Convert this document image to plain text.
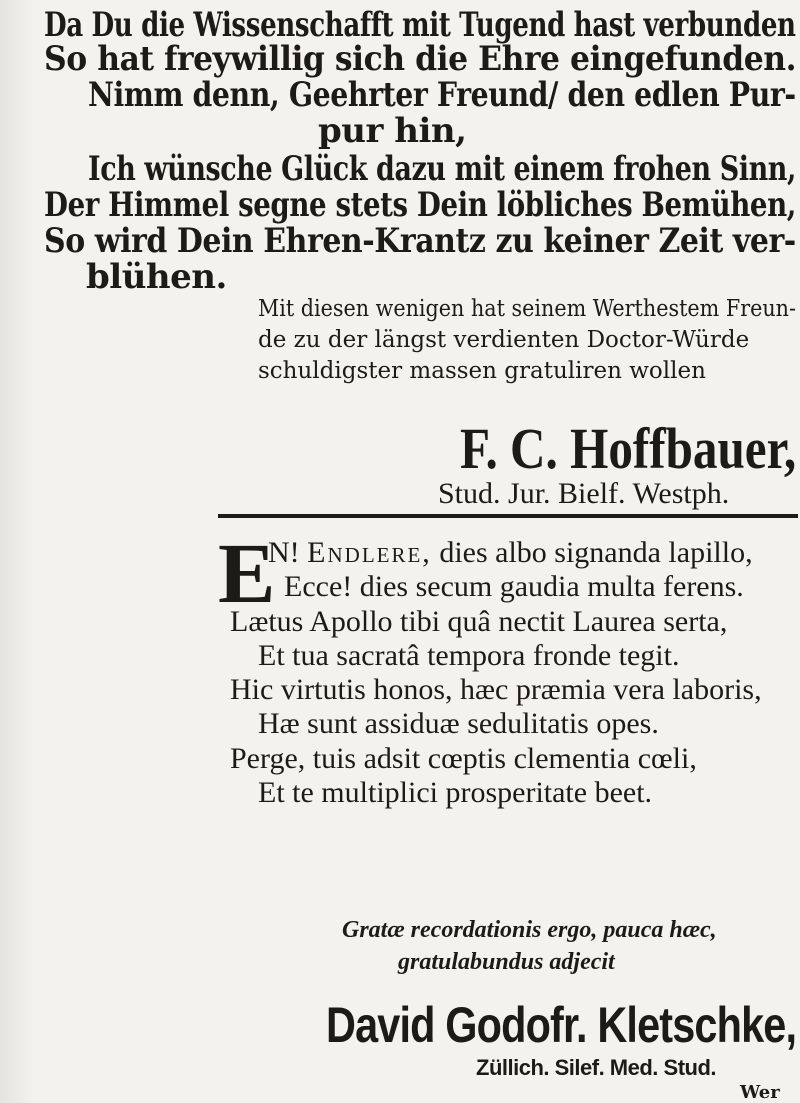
Da Du die Wissenschafft mit Tugend hast verbunden
So hat freywillig sich die Ehre eingefunden.
Nimm denn, Geehrter Freund/ den edlen Pur-
pur hin,
Ich wünsche Glück dazu mit einem frohen Sinn,
Der Himmel segne stets Dein löbliches Bemühen,
So wird Dein Ehren-Krantz zu keiner Zeit ver-
blühen.
Mit diesen wenigen hat seinem Werthestem Freun-
de zu der längst verdienten Doctor-Würde
schuldigster massen gratuliren wollen
F. C. Hoffbauer,
Stud. Jur. Bielf. Westph.
E
N! Endlere, dies albo signanda lapillo,
Ecce! dies secum gaudia multa ferens.
Lætus Apollo tibi quâ nectit Laurea serta,
Et tua sacratâ tempora fronde tegit.
Hic virtutis honos, hæc præmia vera laboris,
Hæ sunt assiduæ sedulitatis opes.
Perge, tuis adsit cœptis clementia cœli,
Et te multiplici prosperitate beet.
Gratæ recordationis ergo, pauca hæc,
gratulabundus adjecit
David Godofr. Kletschke,
Züllich. Silef. Med. Stud.
Wer
